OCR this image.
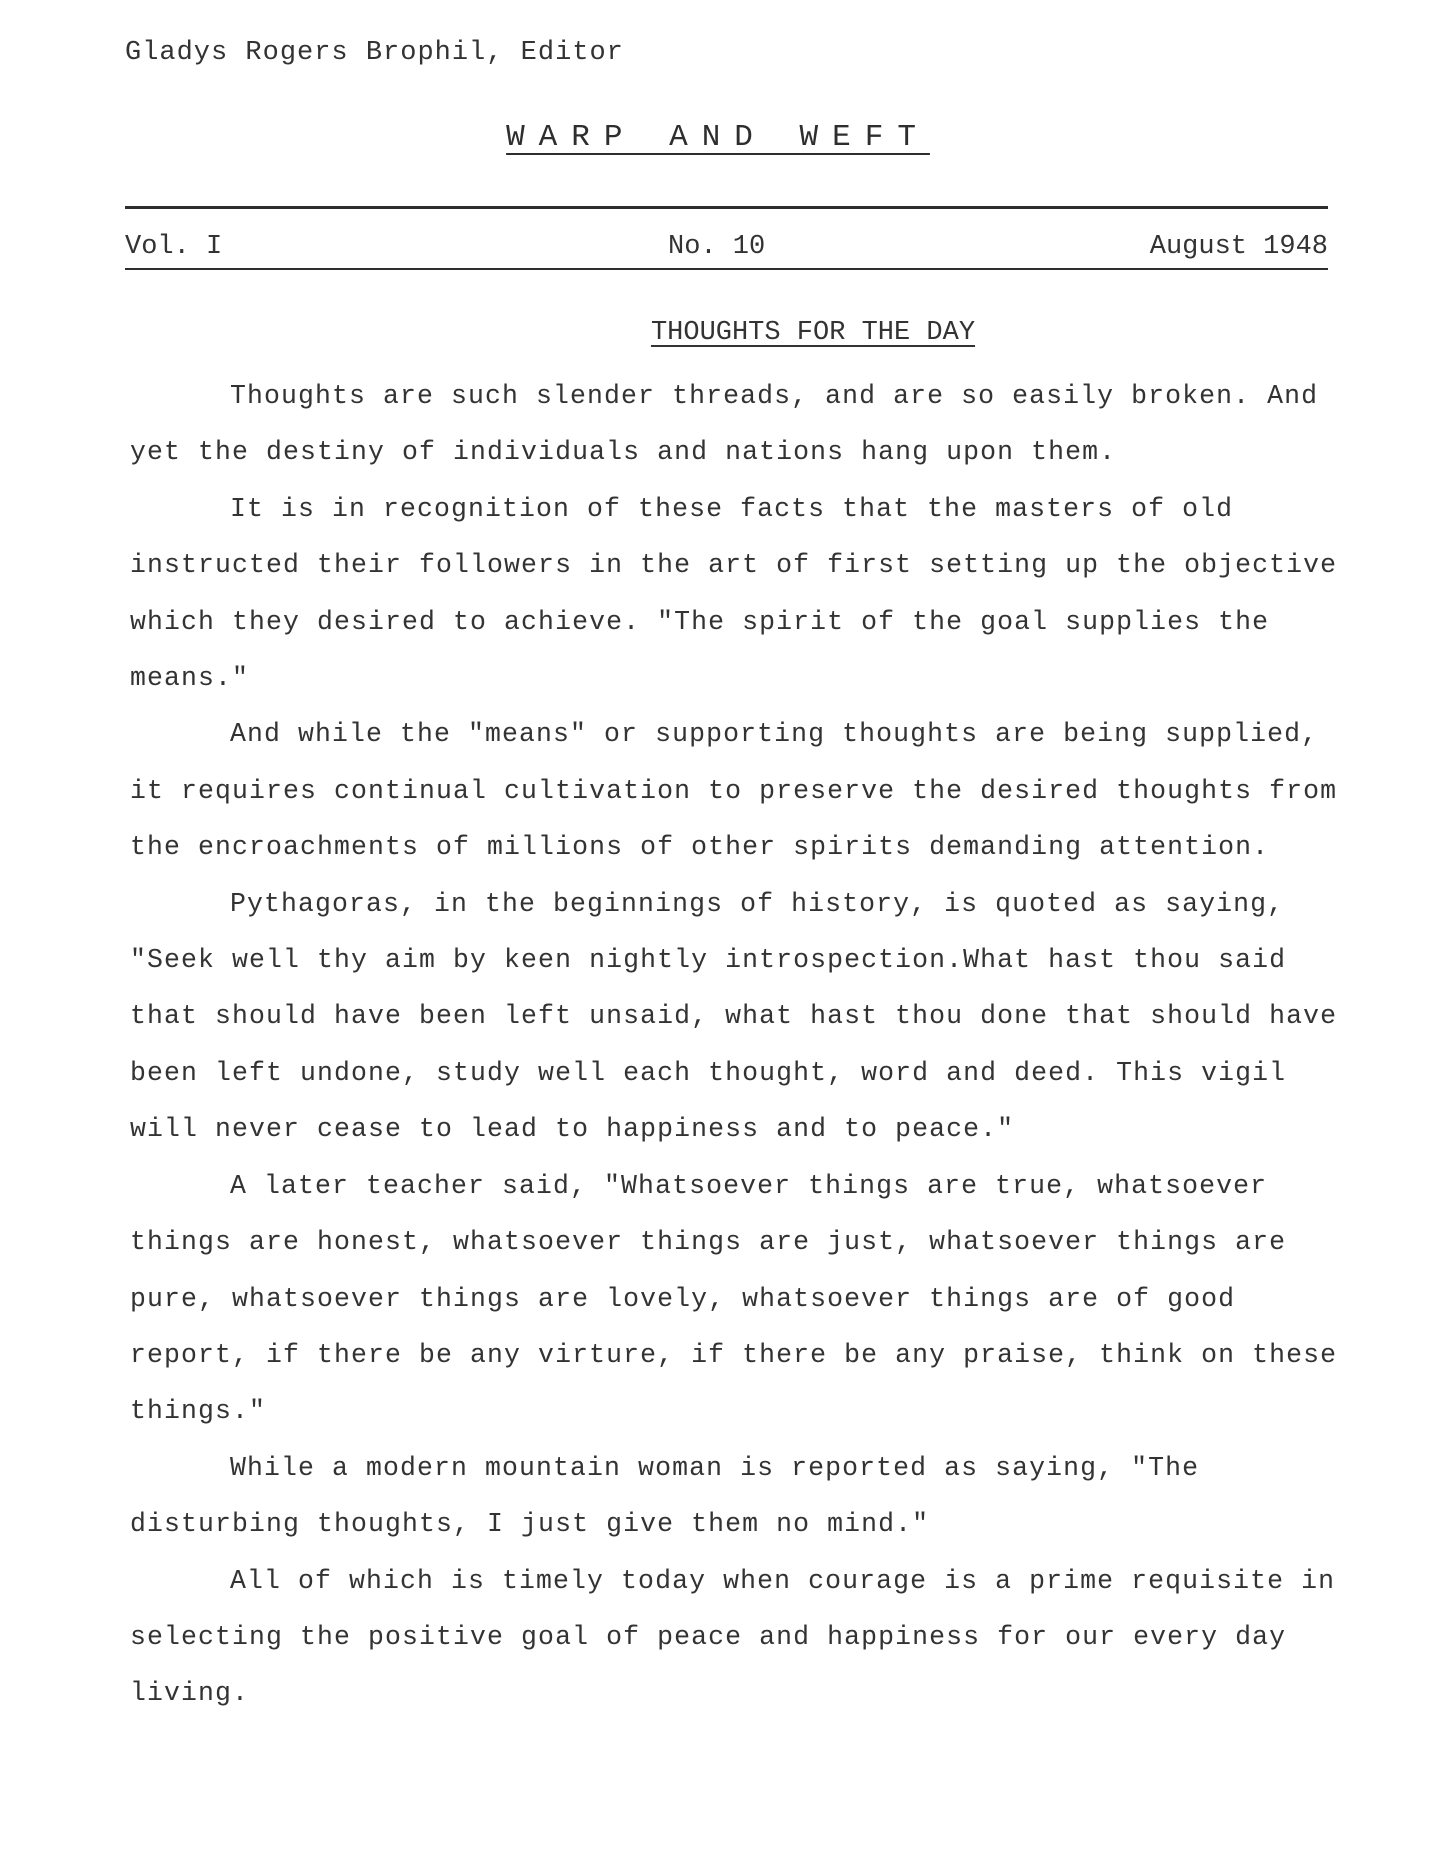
Gladys Rogers Brophil, Editor
WARP AND WEFT
Vol. I	No. 10	August 1948
THOUGHTS FOR THE DAY

Thoughts are such slender threads, and are so easily broken. And yet the destiny of individuals and nations hang upon them.

It is in recognition of these facts that the masters of old instructed their followers in the art of first setting up the objective which they desired to achieve. "The spirit of the goal supplies the means."

And while the "means" or supporting thoughts are being supplied, it requires continual cultivation to preserve the desired thoughts from the encroachments of millions of other spirits demanding attention.

Pythagoras, in the beginnings of history, is quoted as saying, "Seek well thy aim by keen nightly introspection.What hast thou said that should have been left unsaid, what hast thou done that should have been left undone, study well each thought, word and deed. This vigil will never cease to lead to happiness and to peace."

A later teacher said, "Whatsoever things are true, whatsoever things are honest, whatsoever things are just, whatsoever things are pure, whatsoever things are lovely, whatsoever things are of good report, if there be any virture, if there be any praise, think on these things."

While a modern mountain woman is reported as saying, "The disturbing thoughts, I just give them no mind."

All of which is timely today when courage is a prime requisite in selecting the positive goal of peace and happiness for our every day living.
